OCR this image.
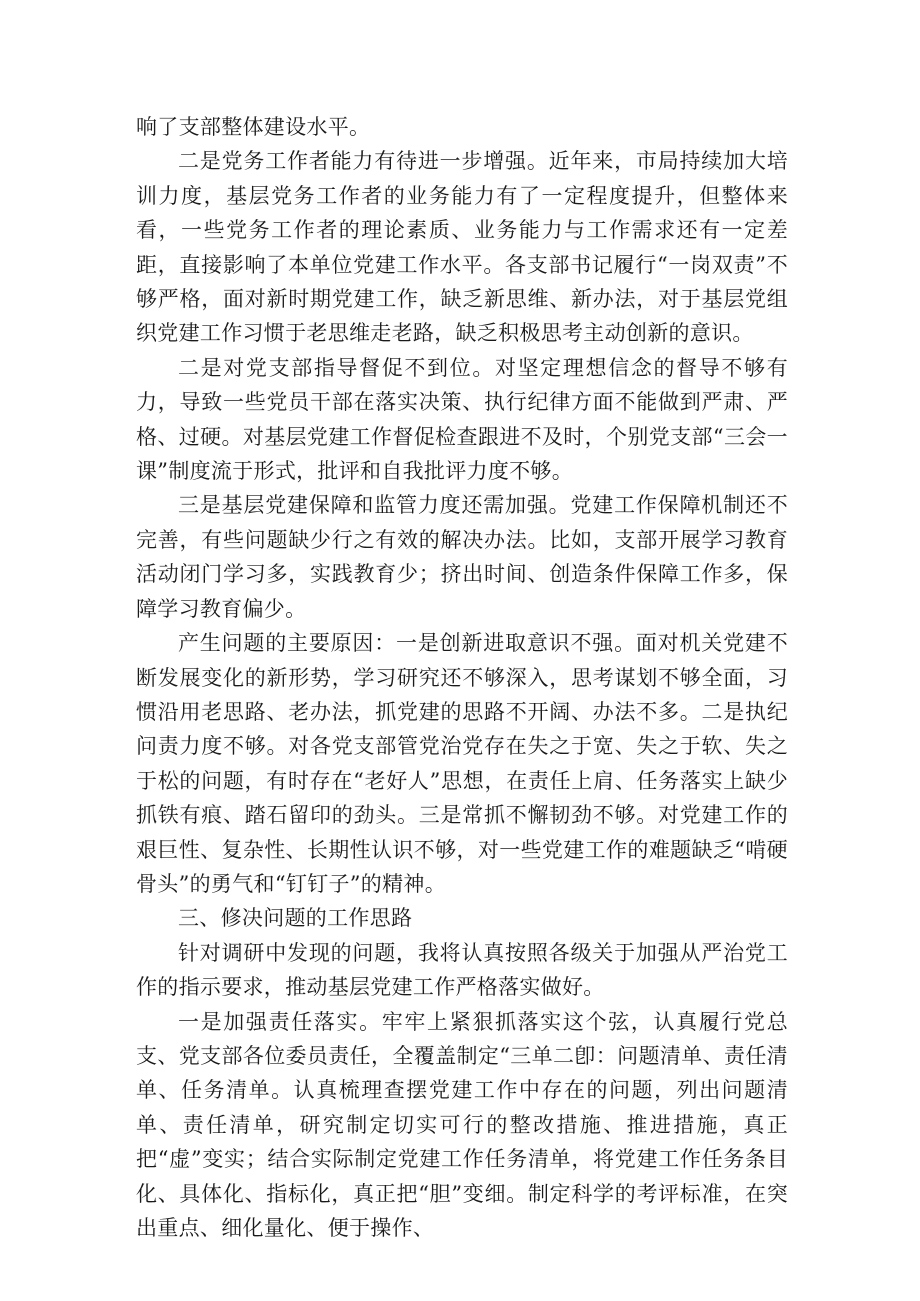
响了支部整体建设水平。

二是党务工作者能力有待进一步增强。近年来，市局持续加大培训力度，基层党务工作者的业务能力有了一定程度提升，但整体来看，一些党务工作者的理论素质、业务能力与工作需求还有一定差距，直接影响了本单位党建工作水平。各支部书记履行“一岗双责”不够严格，面对新时期党建工作，缺乏新思维、新办法，对于基层党组织党建工作习惯于老思维走老路，缺乏积极思考主动创新的意识。

二是对党支部指导督促不到位。对坚定理想信念的督导不够有力，导致一些党员干部在落实决策、执行纪律方面不能做到严肃、严格、过硬。对基层党建工作督促检查跟进不及时，个别党支部“三会一课”制度流于形式，批评和自我批评力度不够。

三是基层党建保障和监管力度还需加强。党建工作保障机制还不完善，有些问题缺少行之有效的解决办法。比如，支部开展学习教育活动闭门学习多，实践教育少；挤出时间、创造条件保障工作多，保障学习教育偏少。

产生问题的主要原因：一是创新进取意识不强。面对机关党建不断发展变化的新形势，学习研究还不够深入，思考谋划不够全面，习惯沿用老思路、老办法，抓党建的思路不开阔、办法不多。二是执纪问责力度不够。对各党支部管党治党存在失之于宽、失之于软、失之于松的问题，有时存在“老好人”思想，在责任上肩、任务落实上缺少抓铁有痕、踏石留印的劲头。三是常抓不懈韧劲不够。对党建工作的艰巨性、复杂性、长期性认识不够，对一些党建工作的难题缺乏“啃硬骨头”的勇气和“钉钉子”的精神。

三、修决问题的工作思路

针对调研中发现的问题，我将认真按照各级关于加强从严治党工作的指示要求，推动基层党建工作严格落实做好。

一是加强责任落实。牢牢上紧狠抓落实这个弦，认真履行党总支、党支部各位委员责任，全覆盖制定“三单二卽：问题清单、责任清单、任务清单。认真梳理查摆党建工作中存在的问题，列出问题清单、责任清单，研究制定切实可行的整改措施、推进措施，真正把“虚”变实；结合实际制定党建工作任务清单，将党建工作任务条目化、具体化、指标化，真正把“胆”变细。制定科学的考评标准，在突出重点、细化量化、便于操作、
